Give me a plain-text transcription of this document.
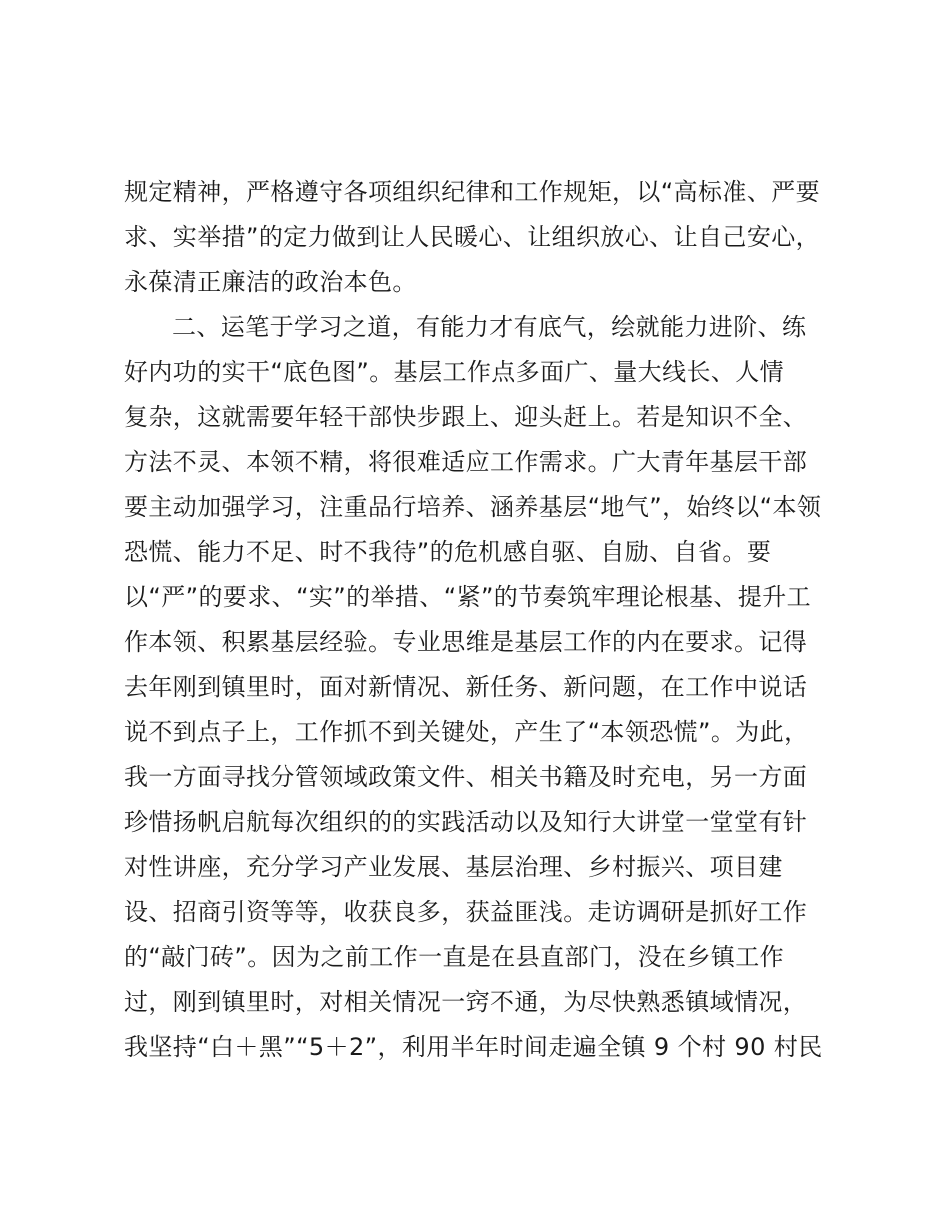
规定精神，严格遵守各项组织纪律和工作规矩，以“高标准、严要
求、实举措”的定力做到让人民暖心、让组织放心、让自己安心，
永葆清正廉洁的政治本色。
二、运笔于学习之道，有能力才有底气，绘就能力进阶、练
好内功的实干“底色图”。基层工作点多面广、量大线长、人情
复杂，这就需要年轻干部快步跟上、迎头赶上。若是知识不全、
方法不灵、本领不精，将很难适应工作需求。广大青年基层干部
要主动加强学习，注重品行培养、涵养基层“地气”，始终以“本领
恐慌、能力不足、时不我待”的危机感自驱、自励、自省。要
以“严”的要求、“实”的举措、“紧”的节奏筑牢理论根基、提升工
作本领、积累基层经验。专业思维是基层工作的内在要求。记得
去年刚到镇里时，面对新情况、新任务、新问题，在工作中说话
说不到点子上，工作抓不到关键处，产生了“本领恐慌”。为此，
我一方面寻找分管领域政策文件、相关书籍及时充电，另一方面
珍惜扬帆启航每次组织的的实践活动以及知行大讲堂一堂堂有针
对性讲座，充分学习产业发展、基层治理、乡村振兴、项目建
设、招商引资等等，收获良多，获益匪浅。走访调研是抓好工作
的“敲门砖”。因为之前工作一直是在县直部门，没在乡镇工作
过，刚到镇里时，对相关情况一窍不通，为尽快熟悉镇域情况，
我坚持“白＋黑”“5＋2”，利用半年时间走遍全镇 9 个村 90 村民
